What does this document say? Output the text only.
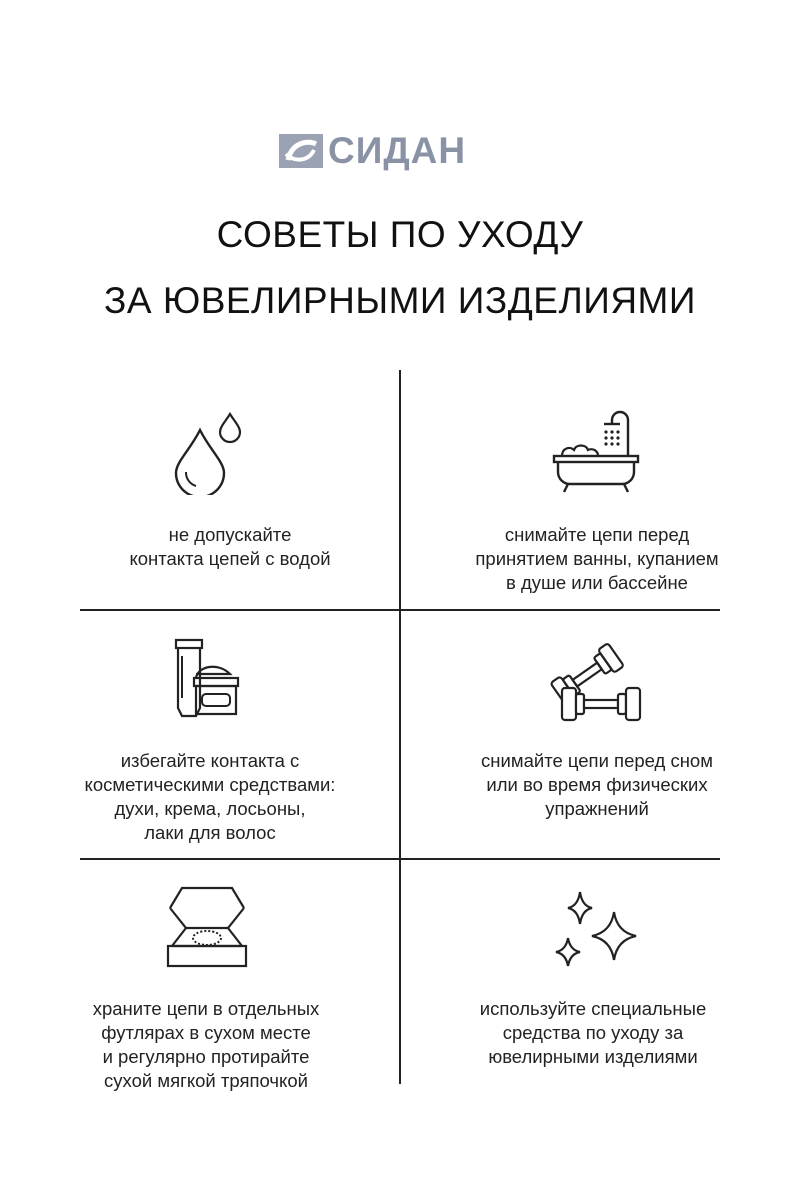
СИДАН
СОВЕТЫ ПО УХОДУ
ЗА ЮВЕЛИРНЫМИ ИЗДЕЛИЯМИ
не допускайте
контакта цепей с водой
снимайте цепи перед
принятием ванны, купанием
в душе или бассейне
избегайте контакта с
косметическими средствами:
духи, крема, лосьоны,
лаки для волос
снимайте цепи перед сном
или во время физических
упражнений
храните цепи в отдельных
футлярах в сухом месте
и регулярно протирайте
сухой мягкой тряпочкой
используйте специальные
средства по уходу за
ювелирными изделиями
